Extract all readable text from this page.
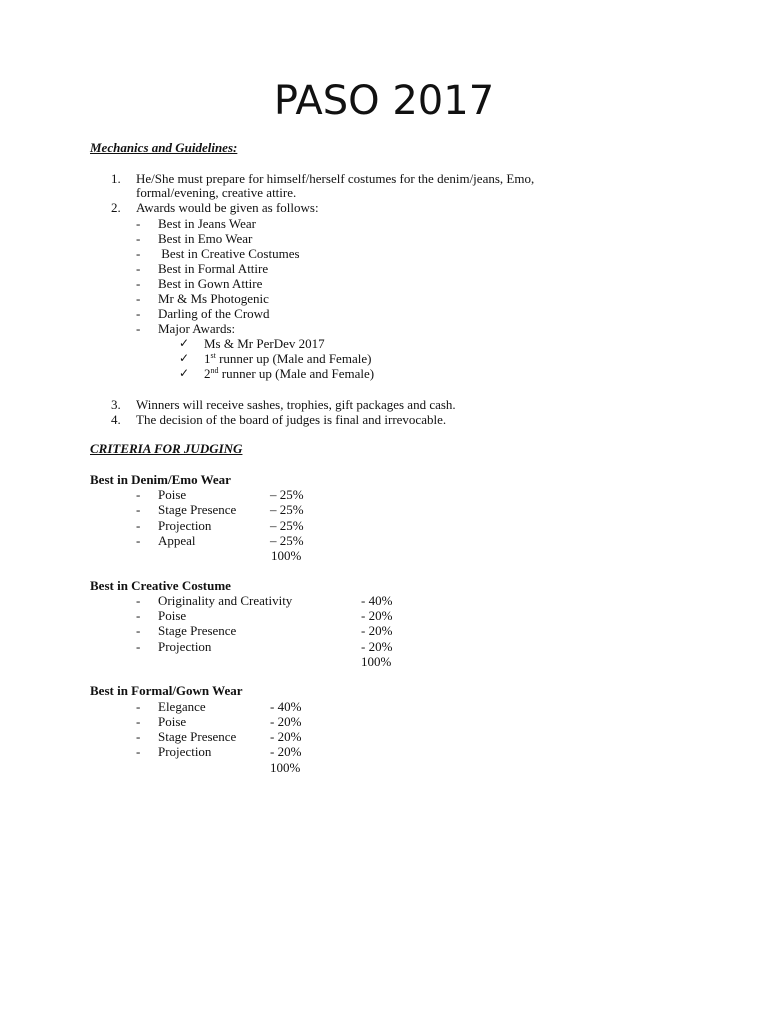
PASO 2017
Mechanics and Guidelines:
1. He/She must prepare for himself/herself costumes for the denim/jeans, Emo,
formal/evening, creative attire.
2. Awards would be given as follows:
- Best in Jeans Wear
- Best in Emo Wear
- Best in Creative Costumes
- Best in Formal Attire
- Best in Gown Attire
- Mr & Ms Photogenic
- Darling of the Crowd
- Major Awards:
✓ Ms & Mr PerDev 2017
✓ 1st runner up (Male and Female)
✓ 2nd runner up (Male and Female)
3. Winners will receive sashes, trophies, gift packages and cash.
4. The decision of the board of judges is final and irrevocable.
CRITERIA FOR JUDGING
Best in Denim/Emo Wear
- Poise	– 25%
- Stage Presence	– 25%
- Projection	– 25%
- Appeal	– 25%
100%
Best in Creative Costume
- Originality and Creativity	- 40%
- Poise	- 20%
- Stage Presence	- 20%
- Projection	- 20%
100%
Best in Formal/Gown Wear
- Elegance	- 40%
- Poise	- 20%
- Stage Presence	- 20%
- Projection	- 20%
100%
